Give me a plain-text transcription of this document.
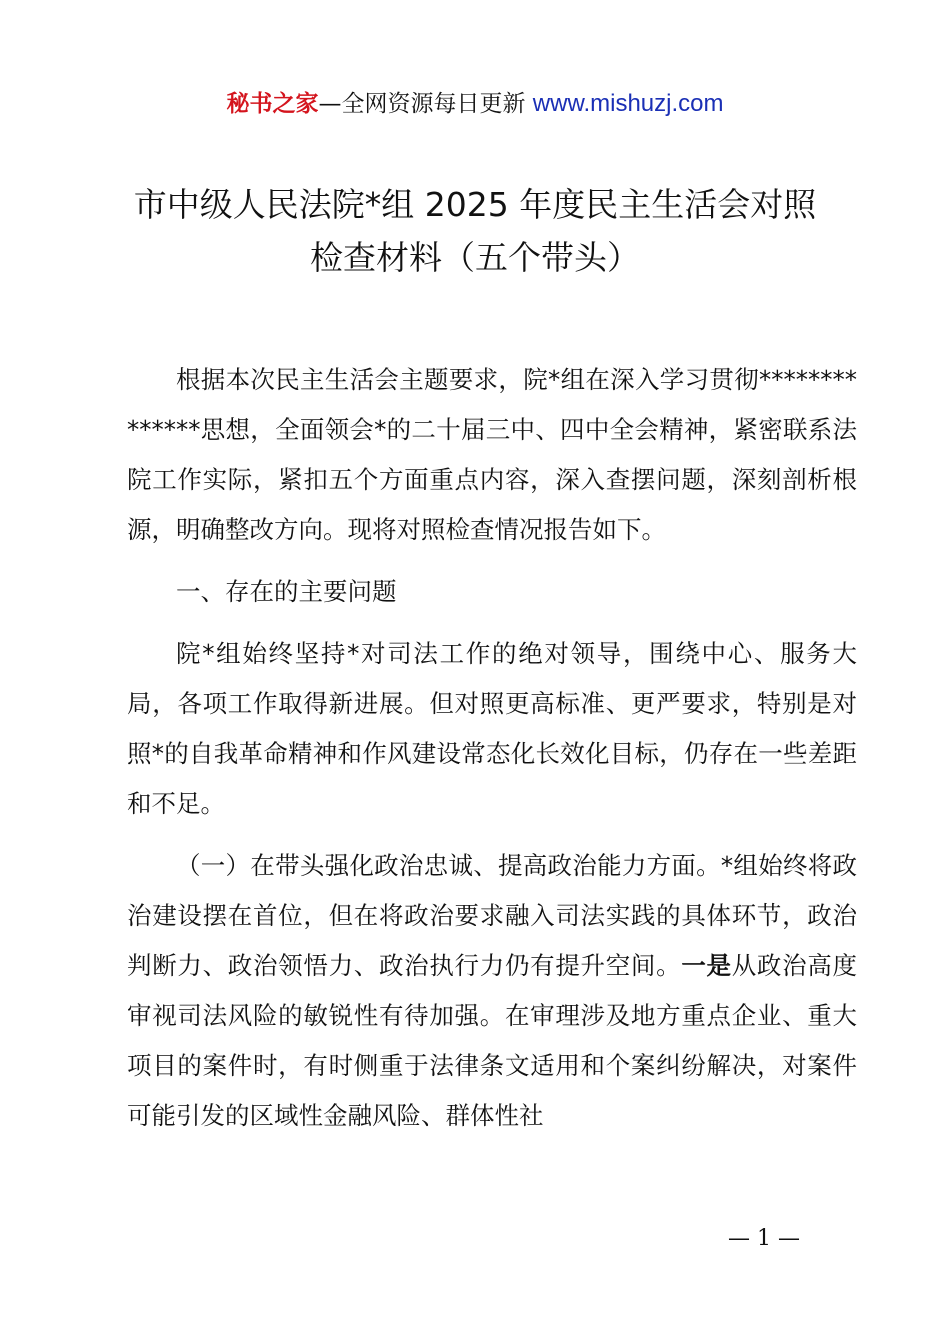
秘书之家—全网资源每日更新 www.mishuzj.com
市中级人民法院*组 2025 年度民主生活会对照
检查材料（五个带头）

根据本次民主生活会主题要求，院*组在深入学习贯彻**************思想，全面领会*的二十届三中、四中全会精神，紧密联系法院工作实际，紧扣五个方面重点内容，深入查摆问题，深刻剖析根源，明确整改方向。现将对照检查情况报告如下。

一、存在的主要问题

院*组始终坚持*对司法工作的绝对领导，围绕中心、服务大局，各项工作取得新进展。但对照更高标准、更严要求，特别是对照*的自我革命精神和作风建设常态化长效化目标，仍存在一些差距和不足。

（一）在带头强化政治忠诚、提高政治能力方面。*组始终将政治建设摆在首位，但在将政治要求融入司法实践的具体环节，政治判断力、政治领悟力、政治执行力仍有提升空间。一是从政治高度审视司法风险的敏锐性有待加强。在审理涉及地方重点企业、重大项目的案件时，有时侧重于法律条文适用和个案纠纷解决，对案件可能引发的区域性金融风险、群体性社

— 1 —
